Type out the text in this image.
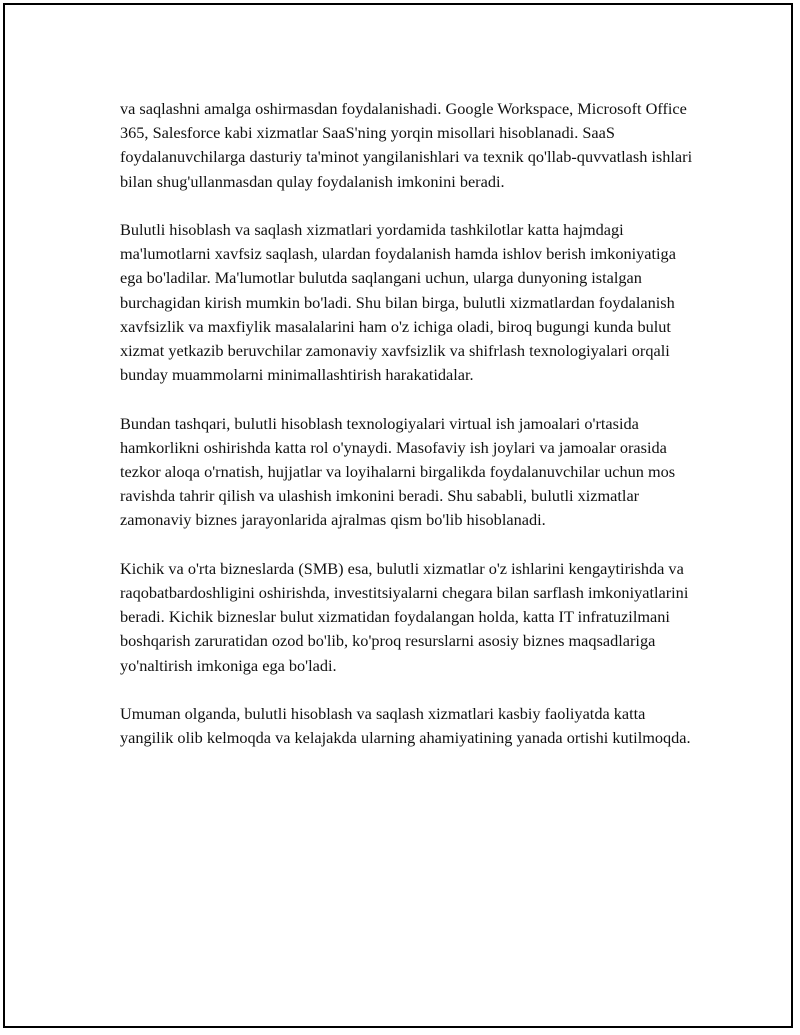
va saqlashni amalga oshirmasdan foydalanishadi. Google Workspace, Microsoft Office 365, Salesforce kabi xizmatlar SaaS'ning yorqin misollari hisoblanadi. SaaS foydalanuvchilarga dasturiy ta'minot yangilanishlari va texnik qo'llab-quvvatlash ishlari bilan shug'ullanmasdan qulay foydalanish imkonini beradi.

Bulutli hisoblash va saqlash xizmatlari yordamida tashkilotlar katta hajmdagi ma'lumotlarni xavfsiz saqlash, ulardan foydalanish hamda ishlov berish imkoniyatiga ega bo'ladilar. Ma'lumotlar bulutda saqlangani uchun, ularga dunyoning istalgan burchagidan kirish mumkin bo'ladi. Shu bilan birga, bulutli xizmatlardan foydalanish xavfsizlik va maxfiylik masalalarini ham o'z ichiga oladi, biroq bugungi kunda bulut xizmat yetkazib beruvchilar zamonaviy xavfsizlik va shifrlash texnologiyalari orqali bunday muammolarni minimallashtirish harakatidalar.

Bundan tashqari, bulutli hisoblash texnologiyalari virtual ish jamoalari o'rtasida hamkorlikni oshirishda katta rol o'ynaydi. Masofaviy ish joylari va jamoalar orasida tezkor aloqa o'rnatish, hujjatlar va loyihalarni birgalikda foydalanuvchilar uchun mos ravishda tahrir qilish va ulashish imkonini beradi. Shu sababli, bulutli xizmatlar zamonaviy biznes jarayonlarida ajralmas qism bo'lib hisoblanadi.

Kichik va o'rta bizneslarda (SMB) esa, bulutli xizmatlar o'z ishlarini kengaytirishda va raqobatbardoshligini oshirishda, investitsiyalarni chegara bilan sarflash imkoniyatlarini beradi. Kichik bizneslar bulut xizmatidan foydalangan holda, katta IT infratuzilmani boshqarish zaruratidan ozod bo'lib, ko'proq resurslarni asosiy biznes maqsadlariga yo'naltirish imkoniga ega bo'ladi.

Umuman olganda, bulutli hisoblash va saqlash xizmatlari kasbiy faoliyatda katta yangilik olib kelmoqda va kelajakda ularning ahamiyatining yanada ortishi kutilmoqda.
